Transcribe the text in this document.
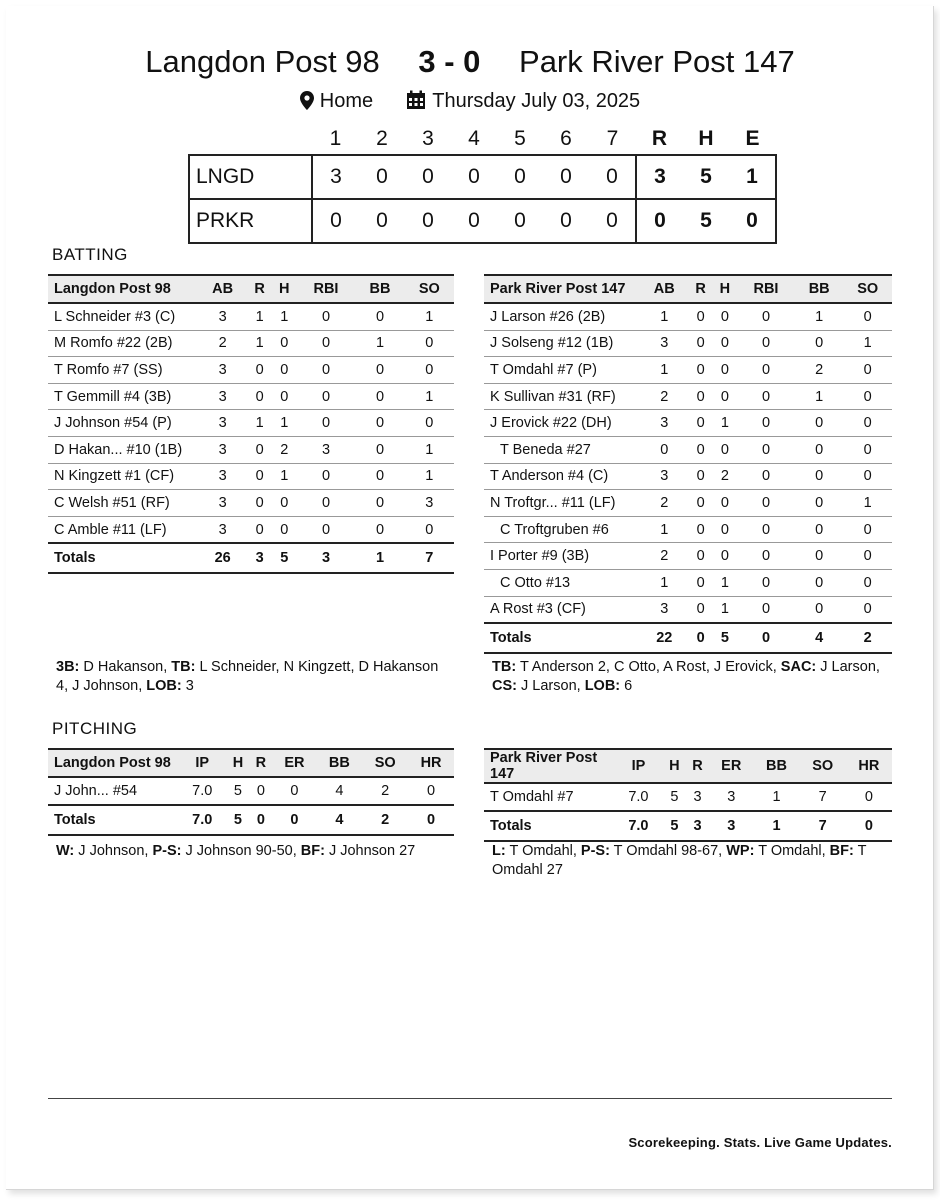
Langdon Post 98 3 - 0 Park River Post 147
Home	Thursday July 03, 2025
	1	2	3	4	5	6	7	R	H	E
LNGD	3	0	0	0	0	0	0	3	5	1
PRKR	0	0	0	0	0	0	0	0	5	0
BATTING
Langdon Post 98	AB	R	H	RBI	BB	SO
L Schneider #3 (C)	3	1	1	0	0	1
M Romfo #22 (2B)	2	1	0	0	1	0
T Romfo #7 (SS)	3	0	0	0	0	0
T Gemmill #4 (3B)	3	0	0	0	0	1
J Johnson #54 (P)	3	1	1	0	0	0
D Hakan... #10 (1B)	3	0	2	3	0	1
N Kingzett #1 (CF)	3	0	1	0	0	1
C Welsh #51 (RF)	3	0	0	0	0	3
C Amble #11 (LF)	3	0	0	0	0	0
Totals	26	3	5	3	1	7
Park River Post 147	AB	R	H	RBI	BB	SO
J Larson #26 (2B)	1	0	0	0	1	0
J Solseng #12 (1B)	3	0	0	0	0	1
T Omdahl #7 (P)	1	0	0	0	2	0
K Sullivan #31 (RF)	2	0	0	0	1	0
J Erovick #22 (DH)	3	0	1	0	0	0
T Beneda #27	0	0	0	0	0	0
T Anderson #4 (C)	3	0	2	0	0	0
N Troftgr... #11 (LF)	2	0	0	0	0	1
C Troftgruben #6	1	0	0	0	0	0
I Porter #9 (3B)	2	0	0	0	0	0
C Otto #13	1	0	1	0	0	0
A Rost #3 (CF)	3	0	1	0	0	0
Totals	22	0	5	0	4	2
3B: D Hakanson, TB: L Schneider, N Kingzett, D Hakanson 4, J Johnson, LOB: 3
TB: T Anderson 2, C Otto, A Rost, J Erovick, SAC: J Larson, CS: J Larson, LOB: 6
PITCHING
Langdon Post 98	IP	H	R	ER	BB	SO	HR
J John... #54	7.0	5	0	0	4	2	0
Totals	7.0	5	0	0	4	2	0
Park River Post 147	IP	H	R	ER	BB	SO	HR
T Omdahl #7	7.0	5	3	3	1	7	0
Totals	7.0	5	3	3	1	7	0
W: J Johnson, P-S: J Johnson 90-50, BF: J Johnson 27	L: T Omdahl, P-S: T Omdahl 98-67, WP: T Omdahl, BF: T Omdahl 27
Scorekeeping. Stats. Live Game Updates.
